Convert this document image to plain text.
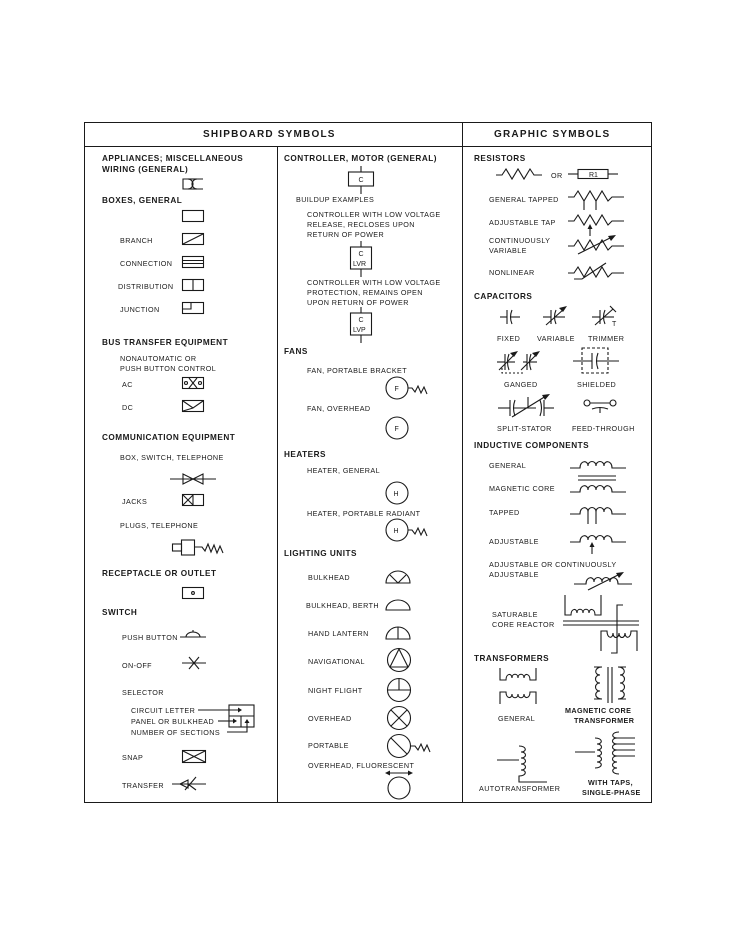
SHIPBOARD SYMBOLS	GRAPHIC SYMBOLS
APPLIANCES; MISCELLANEOUS
WIRING (GENERAL)
BOXES, GENERAL
BRANCH
CONNECTION
DISTRIBUTION
JUNCTION
BUS TRANSFER EQUIPMENT
NONAUTOMATIC OR
PUSH BUTTON CONTROL
AC
DC
COMMUNICATION EQUIPMENT
BOX, SWITCH, TELEPHONE
JACKS
PLUGS, TELEPHONE
RECEPTACLE OR OUTLET
SWITCH
PUSH BUTTON
ON-OFF
SELECTOR
CIRCUIT LETTER
PANEL OR BULKHEAD
NUMBER OF SECTIONS
SNAP
TRANSFER
CONTROLLER, MOTOR (GENERAL)
C
BUILDUP EXAMPLES
CONTROLLER WITH LOW VOLTAGE
RELEASE, RECLOSES UPON
RETURN OF POWER
C
LVR
CONTROLLER WITH LOW VOLTAGE
PROTECTION, REMAINS OPEN
UPON RETURN OF POWER
C
LVP
FANS
FAN, PORTABLE BRACKET
F
FAN, OVERHEAD
F
HEATERS
HEATER, GENERAL
H
HEATER, PORTABLE RADIANT
H
LIGHTING UNITS
BULKHEAD
BULKHEAD, BERTH
HAND LANTERN
NAVIGATIONAL
NIGHT FLIGHT
OVERHEAD
PORTABLE
OVERHEAD, FLUORESCENT
RESISTORS
OR	R1
GENERAL TAPPED
ADJUSTABLE TAP
CONTINUOUSLY
VARIABLE
NONLINEAR
CAPACITORS
T
FIXED VARIABLE TRIMMER
GANGED	SHIELDED
SPLIT-STATOR	FEED-THROUGH
INDUCTIVE COMPONENTS
GENERAL
MAGNETIC CORE
TAPPED
ADJUSTABLE
ADJUSTABLE OR CONTINUOUSLY
ADJUSTABLE
SATURABLE
CORE REACTOR
TRANSFORMERS
GENERAL
MAGNETIC CORE
TRANSFORMER
AUTOTRANSFORMER
WITH TAPS,
SINGLE-PHASE
